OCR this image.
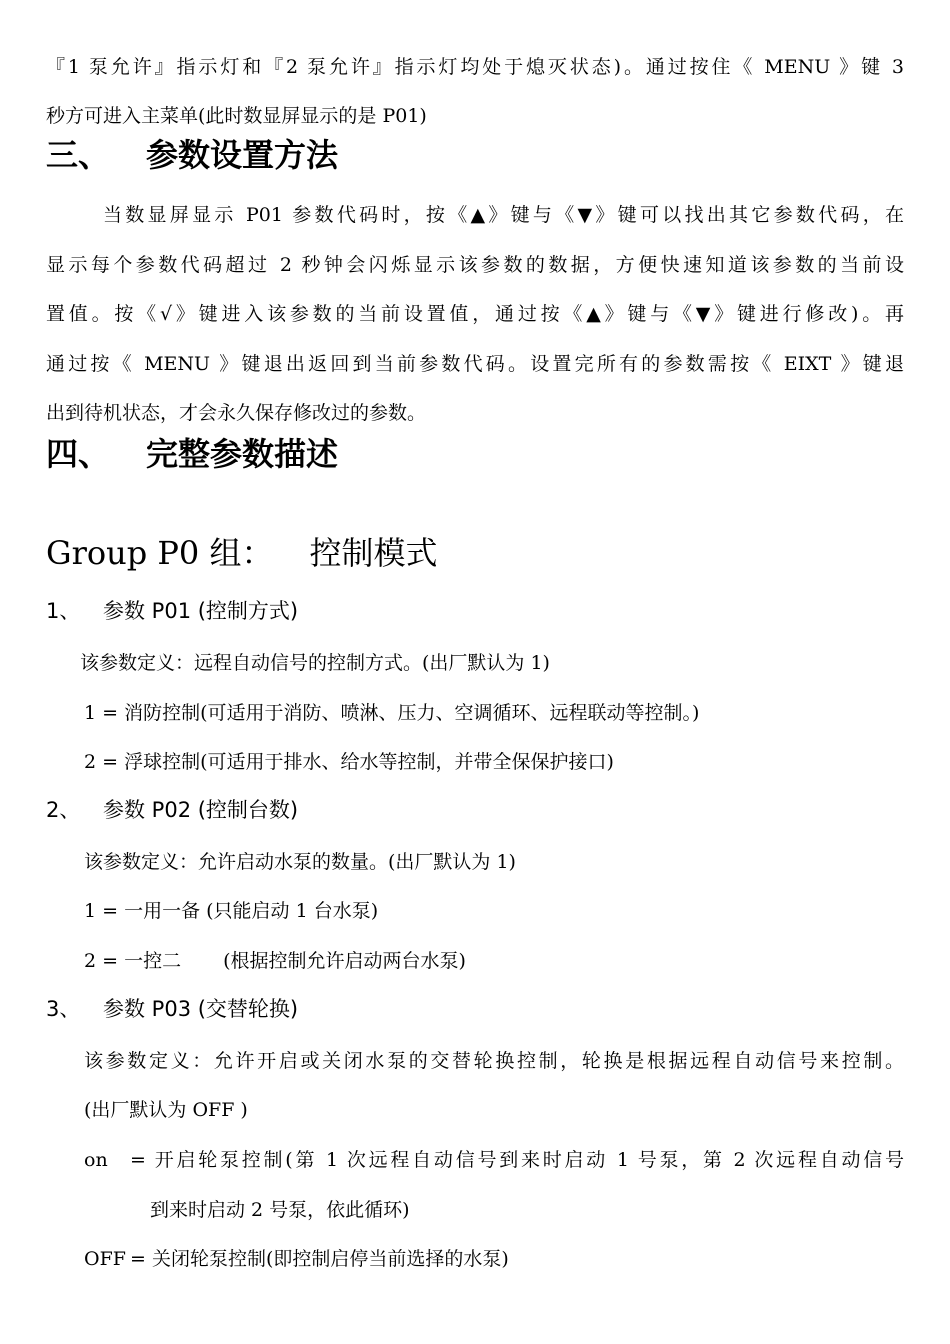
『1 泵允许』指示灯和『2 泵允许』指示灯均处于熄灭状态)。通过按住《 MENU 》键 3
秒方可进入主菜单(此时数显屏显示的是 P01)
三、 参数设置方法
当数显屏显示 P01 参数代码时，按《▲》键与《▼》键可以找出其它参数代码，在
显示每个参数代码超过 2 秒钟会闪烁显示该参数的数据，方便快速知道该参数的当前设
置值。按《√》键进入该参数的当前设置值，通过按《▲》键与《▼》键进行修改)。再
通过按《 MENU 》键退出返回到当前参数代码。设置完所有的参数需按《 EIXT 》键退
出到待机状态，才会永久保存修改过的参数。
四、 完整参数描述
Group P0 组： 控制模式
1、 参数 P01 (控制方式)
该参数定义：远程自动信号的控制方式。(出厂默认为 1)
1 = 消防控制(可适用于消防、喷淋、压力、空调循环、远程联动等控制。)
2 = 浮球控制(可适用于排水、给水等控制，并带全保保护接口)
2、 参数 P02 (控制台数)
该参数定义：允许启动水泵的数量。(出厂默认为 1)
1 = 一用一备 (只能启动 1 台水泵)
2 = 一控二 (根据控制允许启动两台水泵)
3、 参数 P03 (交替轮换)
该参数定义：允许开启或关闭水泵的交替轮换控制，轮换是根据远程自动信号来控制。
(出厂默认为 OFF )
on = 开启轮泵控制(第 1 次远程自动信号到来时启动 1 号泵，第 2 次远程自动信号
到来时启动 2 号泵，依此循环)
OFF = 关闭轮泵控制(即控制启停当前选择的水泵)
